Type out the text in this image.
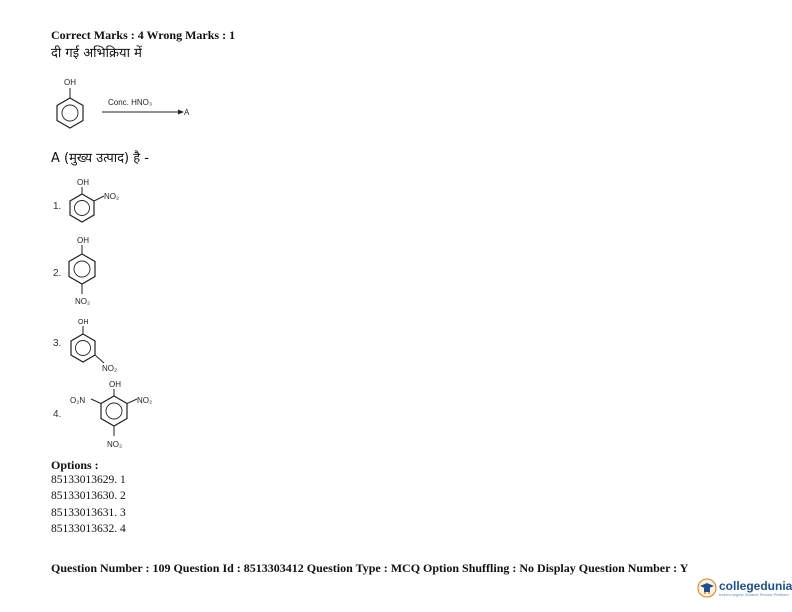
Correct Marks : 4 Wrong Marks : 1
दी गई अभिक्रिया में
OH
Conc. HNO₃
A
A (मुख्य उत्पाद) है -
1.
OH
NO₂
2.
OH
NO₂
3.
OH
NO₂
4.
OH
O₂N	NO₂
NO₂
Options :
85133013629. 1
85133013630. 2
85133013631. 3
85133013632. 4
Question Number : 109 Question Id : 8513303412 Question Type : MCQ Option Shuffling : No Display Question Number : Y
collegedunia
India's largest Student Review Platform
